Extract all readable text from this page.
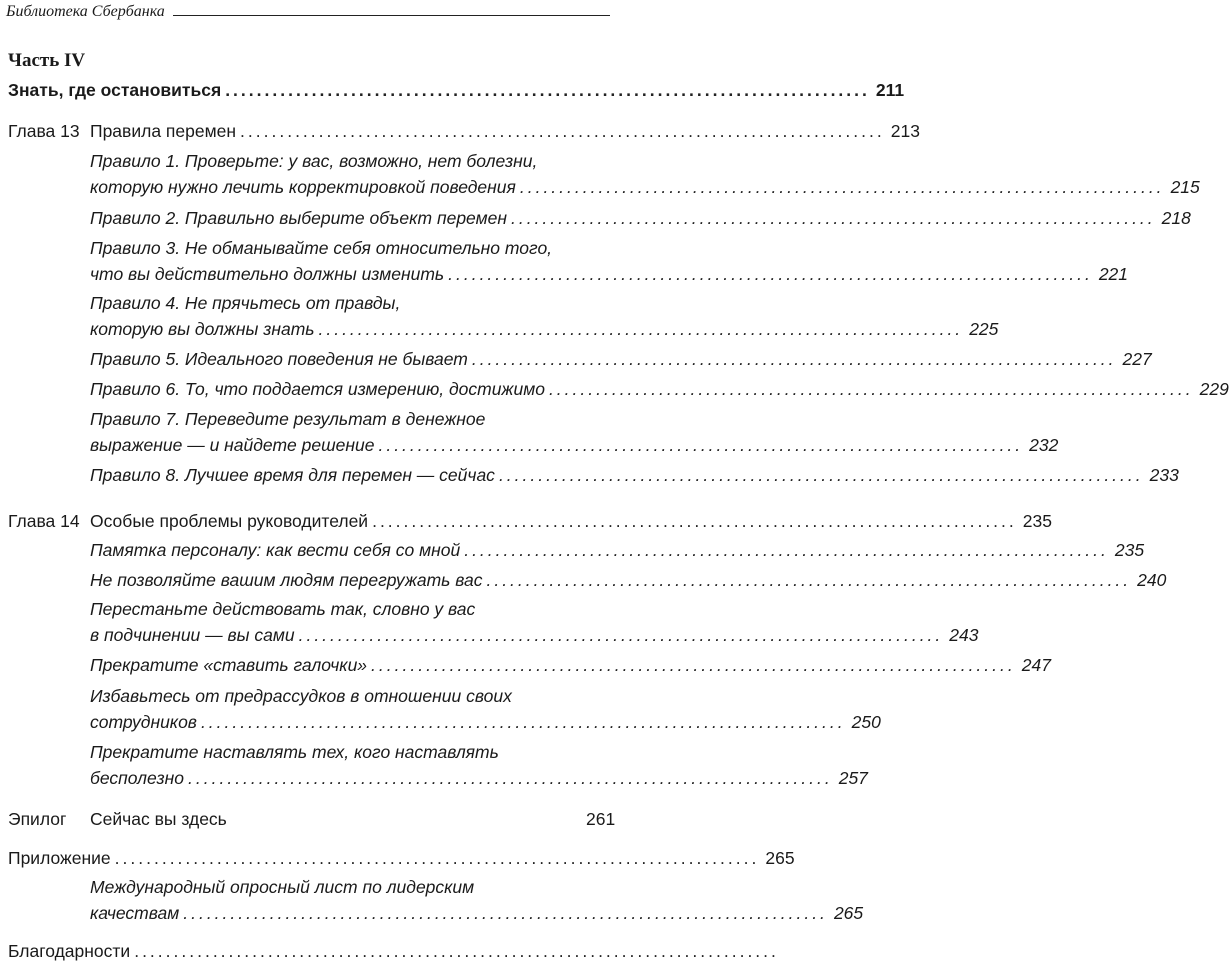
Библиотека Сбербанка
Часть IV
Знать, где остановиться .................................................................................. 211
Глава 13 Правила перемен .................................................................................. 213
Правило 1. Проверьте: у вас, возможно, нет болезни,
которую нужно лечить корректировкой поведения .................................................................................. 215
Правило 2. Правильно выберите объект перемен .................................................................................. 218
Правило 3. Не обманывайте себя относительно того,
что вы действительно должны изменить .................................................................................. 221
Правило 4. Не прячьтесь от правды,
которую вы должны знать .................................................................................. 225
Правило 5. Идеального поведения не бывает .................................................................................. 227
Правило 6. То, что поддается измерению, достижимо .................................................................................. 229
Правило 7. Переведите результат в денежное
выражение — и найдете решение .................................................................................. 232
Правило 8. Лучшее время для перемен — сейчас .................................................................................. 233
Глава 14 Особые проблемы руководителей .................................................................................. 235
Памятка персоналу: как вести себя со мной .................................................................................. 235
Не позволяйте вашим людям перегружать вас .................................................................................. 240
Перестаньте действовать так, словно у вас
в подчинении — вы сами .................................................................................. 243
Прекратите «ставить галочки» .................................................................................. 247
Избавьтесь от предрассудков в отношении своих
сотрудников .................................................................................. 250
Прекратите наставлять тех, кого наставлять
бесполезно .................................................................................. 257
Эпилог Сейчас вы здесь	261
Приложение .................................................................................. 265
Международный опросный лист по лидерским
качествам .................................................................................. 265
Благодарности ..................................................................................
